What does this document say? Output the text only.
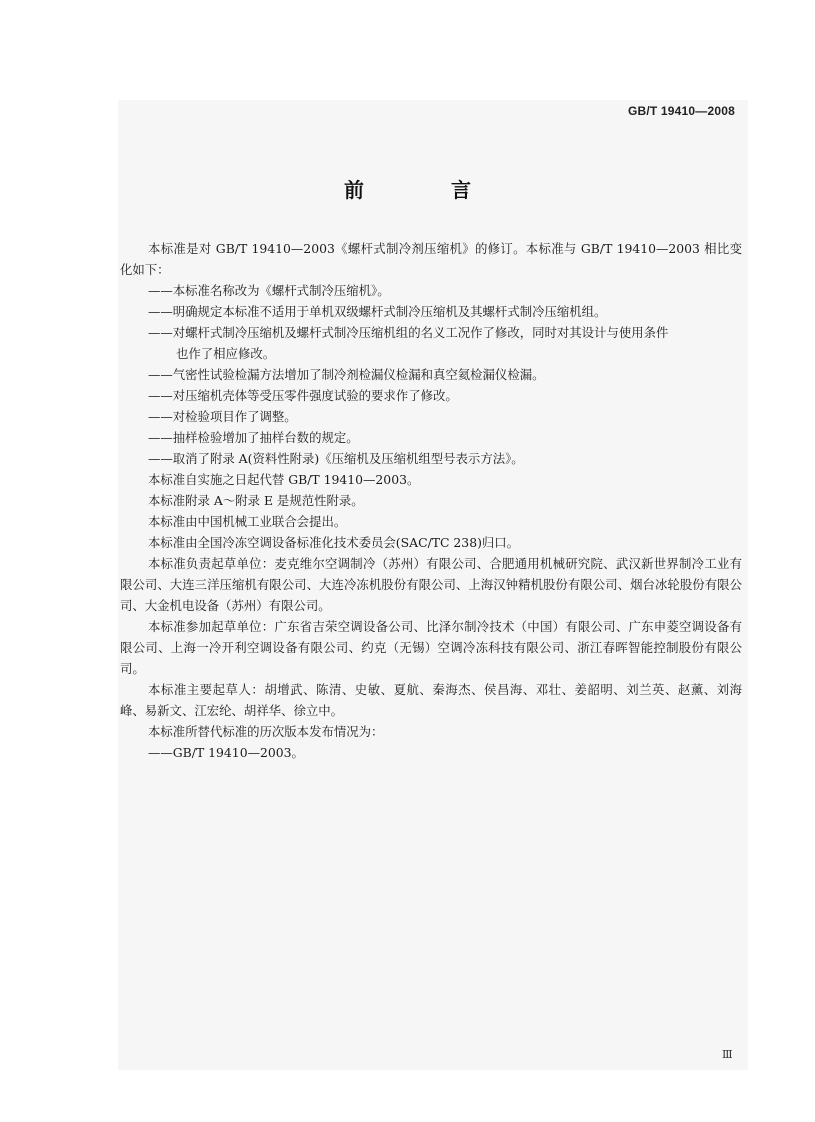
GB/T 19410—2008
前 言

本标准是对 GB/T 19410—2003《螺杆式制冷剂压缩机》的修订。本标准与 GB/T 19410—2003 相比变化如下：

——本标准名称改为《螺杆式制冷压缩机》。

——明确规定本标准不适用于单机双级螺杆式制冷压缩机及其螺杆式制冷压缩机组。

——对螺杆式制冷压缩机及螺杆式制冷压缩机组的名义工况作了修改，同时对其设计与使用条件
也作了相应修改。

——气密性试验检漏方法增加了制冷剂检漏仪检漏和真空氦检漏仪检漏。

——对压缩机壳体等受压零件强度试验的要求作了修改。

——对检验项目作了调整。

——抽样检验增加了抽样台数的规定。

——取消了附录 A(资料性附录)《压缩机及压缩机组型号表示方法》。

本标准自实施之日起代替 GB/T 19410—2003。

本标准附录 A～附录 E 是规范性附录。

本标准由中国机械工业联合会提出。

本标准由全国冷冻空调设备标准化技术委员会(SAC/TC 238)归口。

本标准负责起草单位：麦克维尔空调制冷（苏州）有限公司、合肥通用机械研究院、武汉新世界制冷工业有限公司、大连三洋压缩机有限公司、大连冷冻机股份有限公司、上海汉钟精机股份有限公司、烟台冰轮股份有限公司、大金机电设备（苏州）有限公司。

本标准参加起草单位：广东省吉荣空调设备公司、比泽尔制冷技术（中国）有限公司、广东申菱空调设备有限公司、上海一冷开利空调设备有限公司、约克（无锡）空调冷冻科技有限公司、浙江春晖智能控制股份有限公司。

本标准主要起草人：胡增武、陈清、史敏、夏航、秦海杰、侯昌海、邓壮、姜韶明、刘兰英、赵薰、刘海峰、易新文、江宏纶、胡祥华、徐立中。

本标准所替代标准的历次版本发布情况为：

——GB/T 19410—2003。

Ⅲ
